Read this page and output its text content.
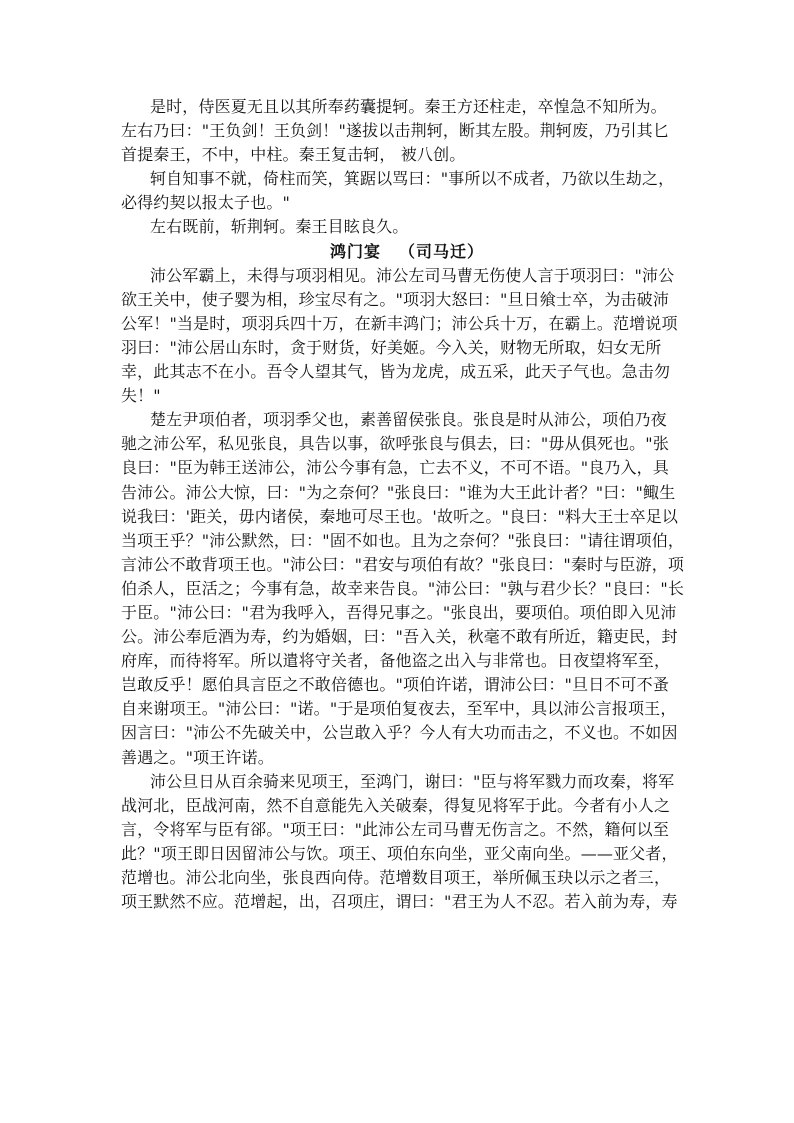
是时，侍医夏无且以其所奉药囊提轲。秦王方还柱走，卒惶急不知所为。
左右乃曰："王负剑！王负剑！"遂拔以击荆轲，断其左股。荆轲废，乃引其匕
首提秦王，不中，中柱。秦王复击轲， 被八创。
轲自知事不就，倚柱而笑，箕踞以骂曰："事所以不成者，乃欲以生劫之，
必得约契以报太子也。"
左右既前，斩荆轲。秦王目眩良久。
鸿门宴 （司马迁）
沛公军霸上，未得与项羽相见。沛公左司马曹无伤使人言于项羽曰："沛公
欲王关中，使子婴为相，珍宝尽有之。"项羽大怒曰："旦日飨士卒，为击破沛
公军！"当是时，项羽兵四十万，在新丰鸿门；沛公兵十万，在霸上。范增说项
羽曰："沛公居山东时，贪于财货，好美姬。今入关，财物无所取，妇女无所
幸，此其志不在小。吾令人望其气，皆为龙虎，成五采，此天子气也。急击勿
失！"
楚左尹项伯者，项羽季父也，素善留侯张良。张良是时从沛公，项伯乃夜
驰之沛公军，私见张良，具告以事，欲呼张良与俱去，曰："毋从俱死也。"张
良曰："臣为韩王送沛公，沛公今事有急，亡去不义，不可不语。"良乃入，具
告沛公。沛公大惊，曰："为之奈何？"张良曰："谁为大王此计者？"曰："鲰生
说我曰：'距关，毋内诸侯，秦地可尽王也。'故听之。"良曰："料大王士卒足以
当项王乎？"沛公默然，曰："固不如也。且为之奈何？"张良曰："请往谓项伯，
言沛公不敢背项王也。"沛公曰："君安与项伯有故？"张良曰："秦时与臣游，项
伯杀人，臣活之；今事有急，故幸来告良。"沛公曰："孰与君少长？"良曰："长
于臣。"沛公曰："君为我呼入，吾得兄事之。"张良出，要项伯。项伯即入见沛
公。沛公奉卮酒为寿，约为婚姻，曰："吾入关，秋毫不敢有所近，籍吏民，封
府库，而待将军。所以遣将守关者，备他盗之出入与非常也。日夜望将军至，
岂敢反乎！愿伯具言臣之不敢倍德也。"项伯许诺，谓沛公曰："旦日不可不蚤
自来谢项王。"沛公曰："诺。"于是项伯复夜去，至军中，具以沛公言报项王，
因言曰："沛公不先破关中，公岂敢入乎？今人有大功而击之，不义也。不如因
善遇之。"项王许诺。
沛公旦日从百余骑来见项王，至鸿门，谢曰："臣与将军戮力而攻秦，将军
战河北，臣战河南，然不自意能先入关破秦，得复见将军于此。今者有小人之
言，令将军与臣有郤。"项王曰："此沛公左司马曹无伤言之。不然，籍何以至
此？"项王即日因留沛公与饮。项王、项伯东向坐，亚父南向坐。——亚父者，
范增也。沛公北向坐，张良西向侍。范增数目项王，举所佩玉玦以示之者三，
项王默然不应。范增起，出，召项庄，谓曰："君王为人不忍。若入前为寿，寿
